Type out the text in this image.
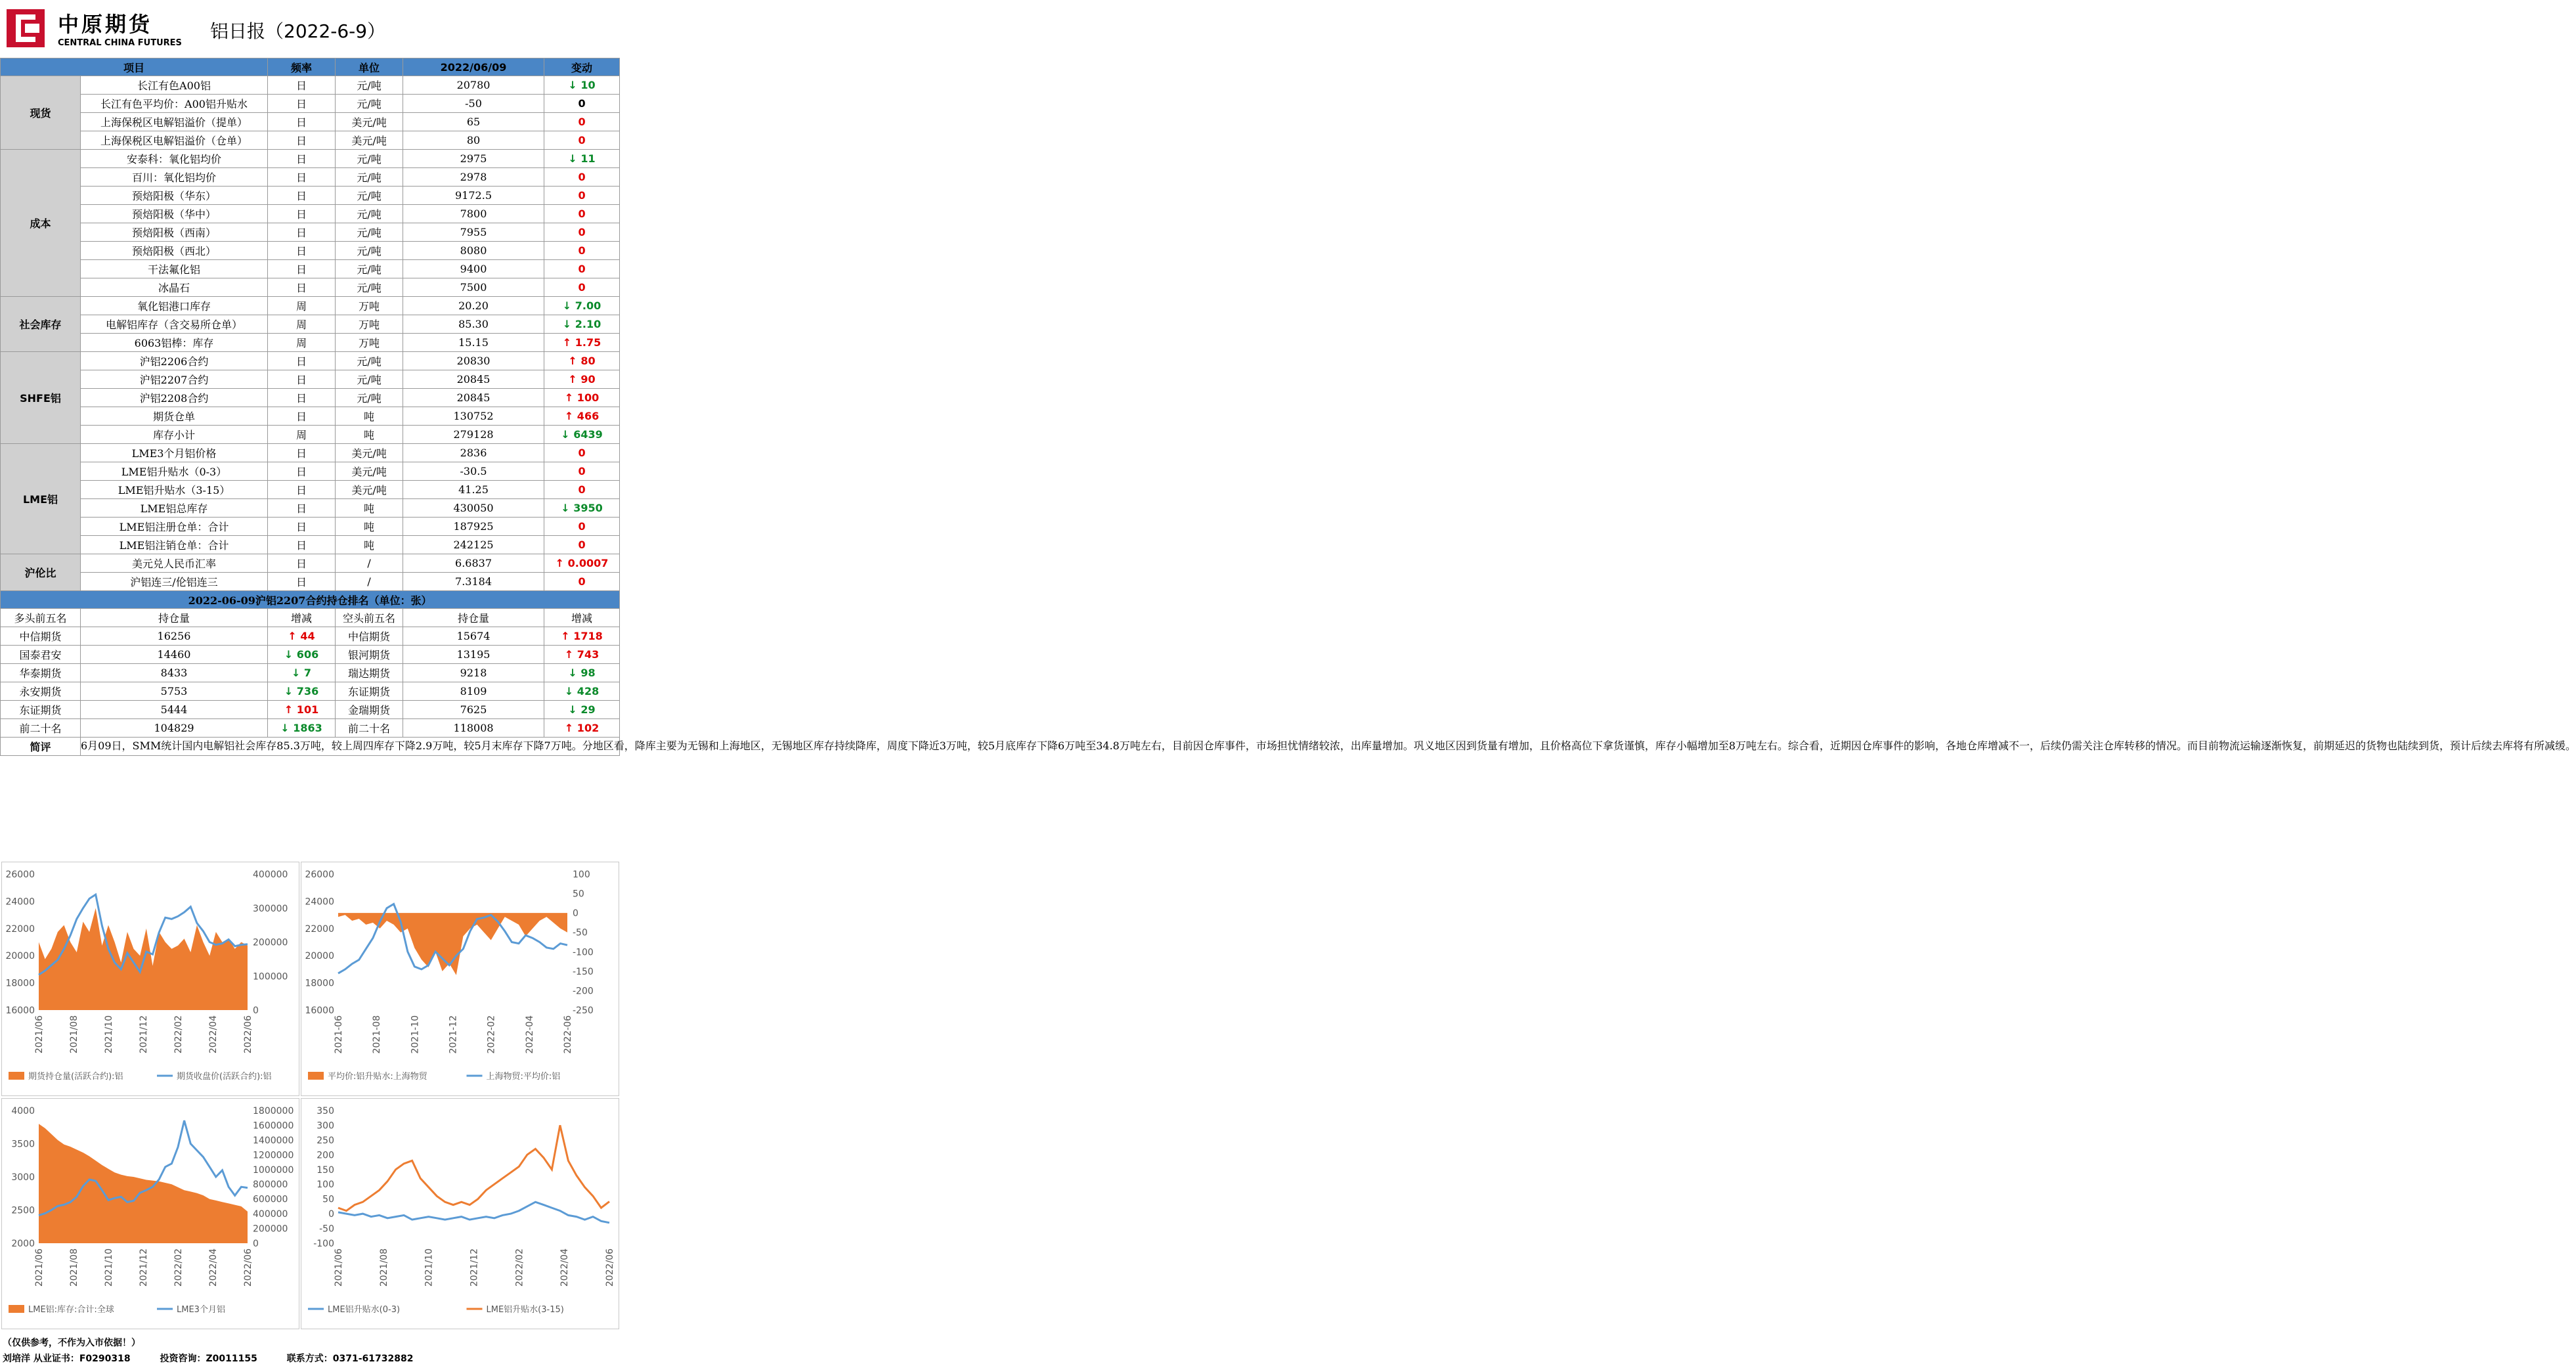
中原期货
CENTRAL CHINA FUTURES
铝日报（2022-6-9）
项目		频率	单位	2022/06/09	变动
现货	长江有色A00铝	日	元/吨	20780	↓ 10
	长江有色平均价：A00铝升贴水	日	元/吨	-50	0
	上海保税区电解铝溢价（提单）	日	美元/吨	65	0
	上海保税区电解铝溢价（仓单）	日	美元/吨	80	0
成本	安泰科：氧化铝均价	日	元/吨	2975	↓ 11
	百川：氧化铝均价	日	元/吨	2978	0
	预焙阳极（华东）	日	元/吨	9172.5	0
	预焙阳极（华中）	日	元/吨	7800	0
	预焙阳极（西南）	日	元/吨	7955	0
	预焙阳极（西北）	日	元/吨	8080	0
	干法氟化铝	日	元/吨	9400	0
	冰晶石	日	元/吨	7500	0
社会库存	氧化铝港口库存	周	万吨	20.20	↓ 7.00
	电解铝库存（含交易所仓单）	周	万吨	85.30	↓ 2.10
	6063铝棒：库存	周	万吨	15.15	↑ 1.75
SHFE铝	沪铝2206合约	日	元/吨	20830	↑ 80
	沪铝2207合约	日	元/吨	20845	↑ 90
	沪铝2208合约	日	元/吨	20845	↑ 100
	期货仓单	日	吨	130752	↑ 466
	库存小计	周	吨	279128	↓ 6439
LME铝	LME3个月铝价格	日	美元/吨	2836	0
	LME铝升贴水（0-3）	日	美元/吨	-30.5	0
	LME铝升贴水（3-15）	日	美元/吨	41.25	0
	LME铝总库存	日	吨	430050	↓ 3950
	LME铝注册仓单：合计	日	吨	187925	0
	LME铝注销仓单：合计	日	吨	242125	0
沪伦比	美元兑人民币汇率	日	/	6.6837	↑ 0.0007
	沪铝连三/伦铝连三	日	/	7.3184	0
2022-06-09沪铝2207合约持仓排名（单位：张）					
多头前五名	持仓量	增减	空头前五名	持仓量	增减
中信期货	16256	↑ 44	中信期货	15674	↑ 1718
国泰君安	14460	↓ 606	银河期货	13195	↑ 743
华泰期货	8433	↓ 7	瑞达期货	9218	↓ 98
永安期货	5753	↓ 736	东证期货	8109	↓ 428
东证期货	5444	↑ 101	金瑞期货	7625	↓ 29
前二十名	104829	↓ 1863	前二十名	118008	↑ 102
简评	6月09日，SMM统计国内电解铝社会库存85.3万吨，较上周四库存下降2.9万吨，较5月末库存下降7万吨。分地区看，降库主要为无锡和上海地区，无锡地区库存持续降库，周度下降近3万吨，较5月底库存下降6万吨至34.8万吨左右，目前因仓库事件，市场担忧情绪较浓，出库量增加。巩义地区因到货量有增加，且价格高位下拿货谨慎，库存小幅增加至8万吨左右。综合看，近期因仓库事件的影响，各地仓库增减不一，后续仍需关注仓库转移的情况。而目前物流运输逐渐恢复，前期延迟的货物也陆续到货，预计后续去库将有所减缓。				
16000
18000
20000
22000
24000
26000
0
100000
200000
300000
400000
2021/06	2021/08	2021/10	2021/12	2022/02	2022/04	2022/06
期货持仓量(活跃合约):铝	期货收盘价(活跃合约):铝
16000
18000
20000
22000
24000
26000
-250
-200
-150
-100
-50
0
50
100
2021-06	2021-08	2021-10	2021-12	2022-02	2022-04	2022-06
平均价:铝升贴水:上海物贸	上海物贸:平均价:铝
2000
2500
3000
3500
4000
0
200000
400000
600000
800000
1000000
1200000
1400000
1600000
1800000
2021/06	2021/08	2021/10	2021/12	2022/02	2022/04	2022/06
LME铝:库存:合计:全球	LME3个月铝
-100
-50
0
50
100
150
200
250
300
350
2021/06	2021/08	2021/10	2021/12	2022/02	2022/04	2022/06
LME铝升贴水(0-3)	LME铝升贴水(3-15)
（仅供参考，不作为入市依据！）
刘培洋 从业证书：F0290318	投资咨询：Z0011155	联系方式：0371-61732882
